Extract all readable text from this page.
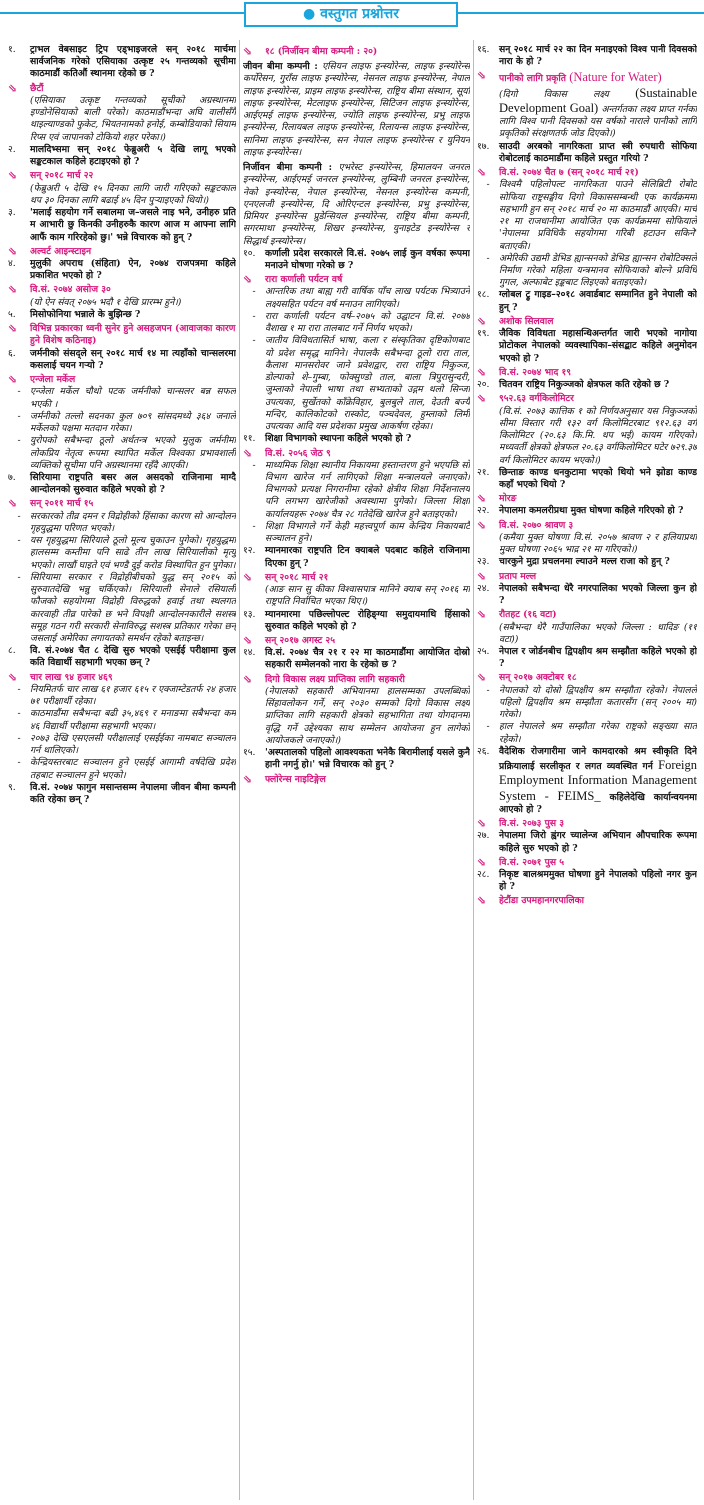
● वस्तुगत प्रश्नोत्तर
१.	ट्राभल वेबसाइट ट्रिप एड्भाइजरले सन् २०१८ मार्चमा सार्वजनिक गरेको एसियाका उत्कृष्ट २५ गन्तव्यको सूचीमा काठमाडौं कतिऔं स्थानमा रहेको छ ?
⇘	छैटौं
(एसियाका उत्कृष्ट गन्तव्यको सूचीको अग्रस्थानमा इण्डोनेसियाको बाली परेको। काठमाडौंभन्दा अघि वालीसँगै थाइल्याण्डको फुकेट, भियतनामको हनोई, कम्बोडियाको सियाम रिप्स एवं जापानको टोकियो शहर परेका।)
२.	मालदिभ्समा सन् २०१८ फेब्रुअरी ५ देखि लागू भएको सङ्कटकाल कहिले हटाइएको हो ?
⇘	सन् २०१८ मार्च २२
(फेब्रुअरी ५ देखि १५ दिनका लागि जारी गरिएको सङ्कटकाल थप ३० दिनका लागि बढाई ४५ दिन पुऱ्याइएको थियो।)
३.	'मलाई सहयोग गर्ने सबालमा ज–जसले नाइ भने, उनीहरु प्रति म आभारी छु किनकी उनीहरुकै कारण आज म आफ्ना लागि आफैं काम गरिरहेको छु।' भन्ने विचारक को हुन् ?
⇘	अल्वर्ट आइन्स्टाइन
४.	मुलुकी अपराध (संहिता) ऐन, २०७४ राजपत्रमा कहिले प्रकाशित भएको हो ?
⇘	वि.सं. २०७४ असोज ३०
(यो ऐन संवत् २०७५ भदौ १ देखि प्रारम्भ हुने।)
५.	मिसोफोनिया भन्नाले के बुझिन्छ ?
⇘	विभिन्न प्रकारका ध्वनी सुनेर हुने असहजपन (आवाजका कारण हुने विशेष कठिनाइ)
६.	जर्मनीको संसद्ले सन् २०१८ मार्च १४ मा त्यहाँको चान्सलरमा कसलाई चयन गऱ्यो ?
⇘	एन्जेला मर्केल
-	एन्जेला मर्केल चौथो पटक जर्मनीको चान्सलर बन्न सफल भएकी ।
-	जर्मनीको तल्लो सदनका कुल ७०९ सांसदमध्ये ३६४ जनाले मर्केलको पक्षमा मतदान गरेका।
-	युरोपको सबैभन्दा ठूलो अर्थतन्त्र भएको मुलुक जर्मनीमा लोकप्रिय नेतृत्व रूपमा स्थापित मर्केल विश्वका प्रभावशाली व्यक्तिको सूचीमा पनि अग्रस्थानमा रहँदै आएकी।
७.	सिरियामा राष्ट्रपति बसर अल असदको राजिनामा माग्दै आन्दोलनको सुरुवात कहिले भएको हो ?
⇘	सन् २०११ मार्च १५
-	सरकारको तीव्र दमन र विद्रोहीको हिंसाका कारण सो आन्दोलन गृहयुद्धमा परिणत भएको।
-	यस गृहयुद्धमा सिरियाले ठूलो मूल्य चुकाउन पुगेको। गृहयुद्धमा हालसम्म कम्तीमा पनि साढे तीन लाख सिरियालीको मृत्यु भएको। लाखौं घाइते एवं भण्डै दुई करोड विस्थापित हुन पुगेका।
-	सिरियामा सरकार र विद्रोहीबीचको युद्ध सन् २०१५ को सुरुवातदेखि भन्नु चर्किएको। सिरियाली सेनाले रसियाली फौजको सहयोगमा विद्रोही विरुद्धको हवाई तथा स्थलगत कारवाही तीव्र पारेको छ भने विपक्षी आन्दोलनकारीले सशस्त्र समूह गठन गरी सरकारी सेनाविरुद्ध सशस्त्र प्रतिकार गरेका छन् जसलाई अमेरिका लगायतको समर्थन रहेको बताइन्छ।
८.	वि. सं.२०७४ चैत ८ देखि सुरु भएको एसईई परीक्षामा कुल कति विद्यार्थी सहभागी भएका छन् ?
⇘	चार लाख ९४ हजार ४६९
-	नियमितर्फ चार लाख ६१ हजार ६१५ र एक्जाम्टेडतर्फ २४ हजार ७१ परीक्षार्थी रहेका।
-	काठमाडौंमा सबैभन्दा बढी ३५,४६९ र मनाङमा सबैभन्दा कम ४६ विद्यार्थी परीक्षामा सहभागी भएका।
-	२०७३ देखि एसएलसी परीक्षालाई एसईईका नामबाट सञ्चालन गर्न थालिएको।
-	केन्द्रियस्तरबाट सञ्चालन हुने एसईई आगामी वर्षदेखि प्रदेश तहबाट सञ्चालन हुने भएको।
९.	वि.सं. २०७४ फागुन मसान्तसम्म नेपालमा जीवन बीमा कम्पनी कति रहेका छन् ?
⇘	१८ (निर्जीवन बीमा कम्पनी : २०)
जीवन बीमा कम्पनी : एसियन लाइफ इन्स्योरेन्स, लाइफ इन्स्योरेन्स कर्पोरेसन, गुराँस लाइफ इन्स्योरेन्स, नेसनल लाइफ इन्स्योरेन्स, नेपाल लाइफ इन्स्योरेन्स, प्राइम लाइफ इन्स्योरेन्स, राष्ट्रिय बीमा संस्थान, सूर्या लाइफ इन्स्योरेन्स, मेटलाइफ इन्स्योरेन्स, सिटिजन लाइफ इन्स्योरेन्स, आईएमई लाइफ इन्स्योरेन्स, ज्योति लाइफ इन्स्योरेन्स, प्रभु लाइफ इन्स्योरेन्स, रिलायबल लाइफ इन्स्योरेन्स, रिलायन्स लाइफ इन्स्योरेन्स, सानिमा लाइफ इन्स्योरेन्स, सन नेपाल लाइफ इन्स्योरेन्स र युनियन लाइफ इन्स्योरेन्स।
निर्जीवन बीमा कम्पनी : एभरेस्ट इन्स्योरेन्स, हिमालयन जनरल इन्स्योरेन्स, आईएमई जनरल इन्स्योरेन्स, लुम्बिनी जनरल इन्स्योरेन्स, नेको इन्स्योरेन्स, नेपाल इन्स्योरेन्स, नेसनल इन्स्योरेन्स कम्पनी, एनएलजी इन्स्योरेन्स, दि ओरिएन्टल इन्स्योरेन्स, प्रभु इन्स्योरेन्स, प्रिमियर इन्स्योरेन्स प्रुडेन्सियल इन्स्योरेन्स, राष्ट्रिय बीमा कम्पनी, सगरमाथा इन्स्योरेन्स, शिखर इन्स्योरेन्स, युनाइटेड इन्स्योरेन्स र सिद्धार्थ इन्स्योरेन्स।
१०.	कर्णाली प्रदेश सरकारले वि.सं. २०७५ लाई कुन वर्षका रूपमा मनाउने घोषणा गरेको छ ?
⇘	रारा कर्णाली पर्यटन वर्ष
-	आन्तरिक तथा बाह्य गरी वार्षिक पाँच लाख पर्यटक भित्र्याउने लक्ष्यसहित पर्यटन वर्ष मनाउन लागिएको।
-	रारा कर्णाली पर्यटन वर्ष–२०७५ को उद्घाटन वि.सं. २०७४ वैशाख १ मा रारा तालबाट गर्ने निर्णय भएको।
-	जातीय विविधतासिर्त भाषा, कला र संस्कृतिका दृष्टिकोणबाट यो प्रदेश समृद्ध मानिने। नेपालकै सबैभन्दा ठूलो रारा ताल, कैलाश मानसरोवर जाने प्रवेशद्वार, रारा राष्ट्रिय निकुञ्ज, डोल्पाको शे–गुम्बा, फोक्सुण्डो ताल, बाला त्रिपुरासुन्दरी, जुम्लाको नेपाली भाषा तथा सभ्यताको उद्गम थलो सिन्जा उपत्यका, सुर्खेतको काँक्रेविहार, बुलबुले ताल, देउती बज्यै मन्दिर, कालिकोटको रास्कोट, पञ्चदेवल, हुम्लाको लिमी उपत्यका आदि यस प्रदेशका प्रमुख आकर्षण रहेका।
११.	शिक्षा विभागको स्थापना कहिले भएको हो ?
⇘	वि.सं. २०५६ जेठ ९
-	माध्यमिक शिक्षा स्थानीय निकायमा हस्तान्तरण हुने भएपछि सो विभाग खारेज गर्न लागिएको शिक्षा मन्त्रालयले जनाएको। विभागको प्रत्यक्ष निगरानीमा रहेको क्षेत्रीय शिक्षा निर्देशनालय पनि लगभग खारेजीको अवस्थामा पुगेको। जिल्ला शिक्षा कार्यालयहरू २०७४ चैत्र २८ गतेदेखि खारेज हुने बताइएको।
-	शिक्षा विभागले गर्ने केही महत्त्वपूर्ण काम केन्द्रिय निकायबाटै सञ्चालन हुने।
१२.	म्यानमारका राष्ट्रपति टिन क्याबले पदबाट कहिले राजिनामा दिएका हुन् ?
⇘	सन् २०१८ मार्च २१
(आङ सान सु कीका विश्वासपात्र मानिने क्याब सन् २०१६ मा राष्ट्रपति निर्वाचित भएका थिए।)
१३.	म्यानमारमा पछिल्लोपल्ट रोहिङ्ग्या समुदायमाथि हिंसाको सुरुवात कहिले भएको हो ?
⇘	सन् २०१७ अगस्ट २५
१४.	वि.सं. २०७४ चैत्र २१ र २२ मा काठमाडौंमा आयोजित दोस्रो सहकारी सम्मेलनको नारा के रहेको छ ?
⇘	दिगो विकास लक्ष्य प्राप्तिका लागि सहकारी
(नेपालको सहकारी अभियानमा हालसम्मका उपलब्धिको सिंहावलोकन गर्ने, सन् २०३० सम्मको दिगो विकास लक्ष्य प्राप्तिका लागि सहकारी क्षेत्रको सहभागिता तथा योगदानमा वृद्धि गर्ने उद्देश्यका साथ सम्मेलन आयोजना हुन लागेको आयोजकले जनाएको।)
१५.	'अस्पतालको पहिलो आवश्यकता भनेकै बिरामीलाई यसले कुनै हानी नगर्नु हो।' भन्ने विचारक को हुन् ?
⇘	फ्लोरेन्स नाइटिङ्गेल
१६.	सन् २०१८ मार्च २२ का दिन मनाइएको विश्व पानी दिवसको नारा के हो ?
⇘	पानीको लागि प्रकृति (Nature for Water)
(दिगो विकास लक्ष्य (Sustainable Development Goal) अन्तर्गतका लक्ष्य प्राप्त गर्नका लागि विश्व पानी दिवसको यस वर्षको नाराले पानीको लागि प्रकृतिको संरक्षणतर्फ जोड दिएको।)
१७.	साउदी अरबको नागरिकता प्राप्त स्त्री रुपधारी सोफिया रोबोटलाई काठमाडौंमा कहिले प्रस्तुत गरियो ?
⇘	वि.सं. २०७४ चैत ७ (सन् २०१८ मार्च २१)
-	विश्वमै पहिलोपल्ट नागरिकता पाउने सेलिब्रिटी रोबोट सोफिया राष्ट्रसङ्घीय दिगो विकाससम्बन्धी एक कार्यक्रममा सहभागी हुन सन् २०१८ मार्च २० मा काठमाडौं आएकी। मार्च २१ मा राजधानीमा आयोजित एक कार्यक्रममा सोफियाले 'नेपालमा प्रविधिकै सहयोगमा गरिबी हटाउन सकिने' बताएकी।
-	अमेरिकी उद्यमी डेभिड ह्यान्सनको डेभिड ह्यान्सन रोबोटिक्सले निर्माण गरेको महिला यन्त्रमानव सोफियाको बोल्ने प्रविधि गुगल, अल्फाबेट इङ्कबाट लिइएको बताइएको।
१८.	ग्लोबल ट्रु गाइड–२०१८ अवार्डबाट सम्मानित हुने नेपाली को हुन् ?
⇘	अशोक सिलवाल
१९.	जैविक विविधता महासन्धिअन्तर्गत जारी भएको नागोया प्रोटोकल नेपालको व्यवस्थापिका–संसद्बाट कहिले अनुमोदन भएको हो ?
⇘	वि.सं. २०७४ भाद १९
२०.	चितवन राष्ट्रिय निकुञ्जको क्षेत्रफल कति रहेको छ ?
⇘	९५२.६३ वर्गकिलोमिटर
(वि.सं. २०७३ कात्तिक १ को निर्णयअनुसार यस निकुञ्जको सीमा विस्तार गरी १३२ वर्ग किलोमिटरबाट ९१२.६३ वर्ग किलोमिटर (२०.६३ कि.मि. थप भई) कायम गरिएको। मध्यवर्ती क्षेत्रको क्षेत्रफल २०.६३ वर्गकिलोमिटर घटेर ७२९.३७ वर्ग किलोमिटर कायम भएको।)
२१.	छिन्ताङ काण्ड धनकुटामा भएको थियो भने झोडा काण्ड कहाँ भएको थियो ?
⇘	मोरङ
२२.	नेपालमा कमलरीप्रथा मुक्त घोषणा कहिले गरिएको हो ?
⇘	वि.सं. २०७० श्रावण ३
(कमैया मुक्त घोषणा वि.सं. २०५७ श्रावण २ र हलियाप्रथा मुक्त घोषणा २०६५ भाद्र २१ मा गरिएको।)
२३.	चारकुने मुद्रा प्रचलनमा ल्याउने मल्ल राजा को हुन् ?
⇘	प्रताप मल्ल
२४.	नेपालको सबैभन्दा धेरै नगरपालिका भएको जिल्ला कुन हो ?
⇘	रौतहट (१६ वटा)
(सबैभन्दा धेरै गाउँपालिका भएको जिल्ला : धादिङ (११ वटा))
२५.	नेपाल र जोर्डनबीच द्विपक्षीय श्रम सम्झौता कहिले भएको हो ?
⇘	सन् २०१७ अक्टोबर १८
-	नेपालको यो दोस्रो द्विपक्षीय श्रम सम्झौता रहेको। नेपालले पहिलो द्विपक्षीय श्रम सम्झौता कतारसँग (सन् २००५ मा) गरेको।
-	हाल नेपालले श्रम सम्झौता गरेका राष्ट्रको सङ्ख्या सात रहेको।
२६.	वैदेशिक रोजगारीमा जाने कामदारको श्रम स्वीकृति दिने प्रक्रियालाई सरलीकृत र लगत व्यवस्थित गर्न Foreign Employment Information Management System - FEIMS_ कहिलेदेखि कार्यान्वयनमा आएको हो ?
⇘	वि.सं. २०७३ पुस ३
२७.	नेपालमा जिरो ह्वंगर च्यालेन्ज अभियान औपचारिक रूपमा कहिले सुरु भएको हो ?
⇘	वि.सं. २०७१ पुस ५
२८.	निकृष्ट बालश्रममुक्त घोषणा हुने नेपालको पहिलो नगर कुन हो ?
⇘	हेटौंडा उपमहानगरपालिका
